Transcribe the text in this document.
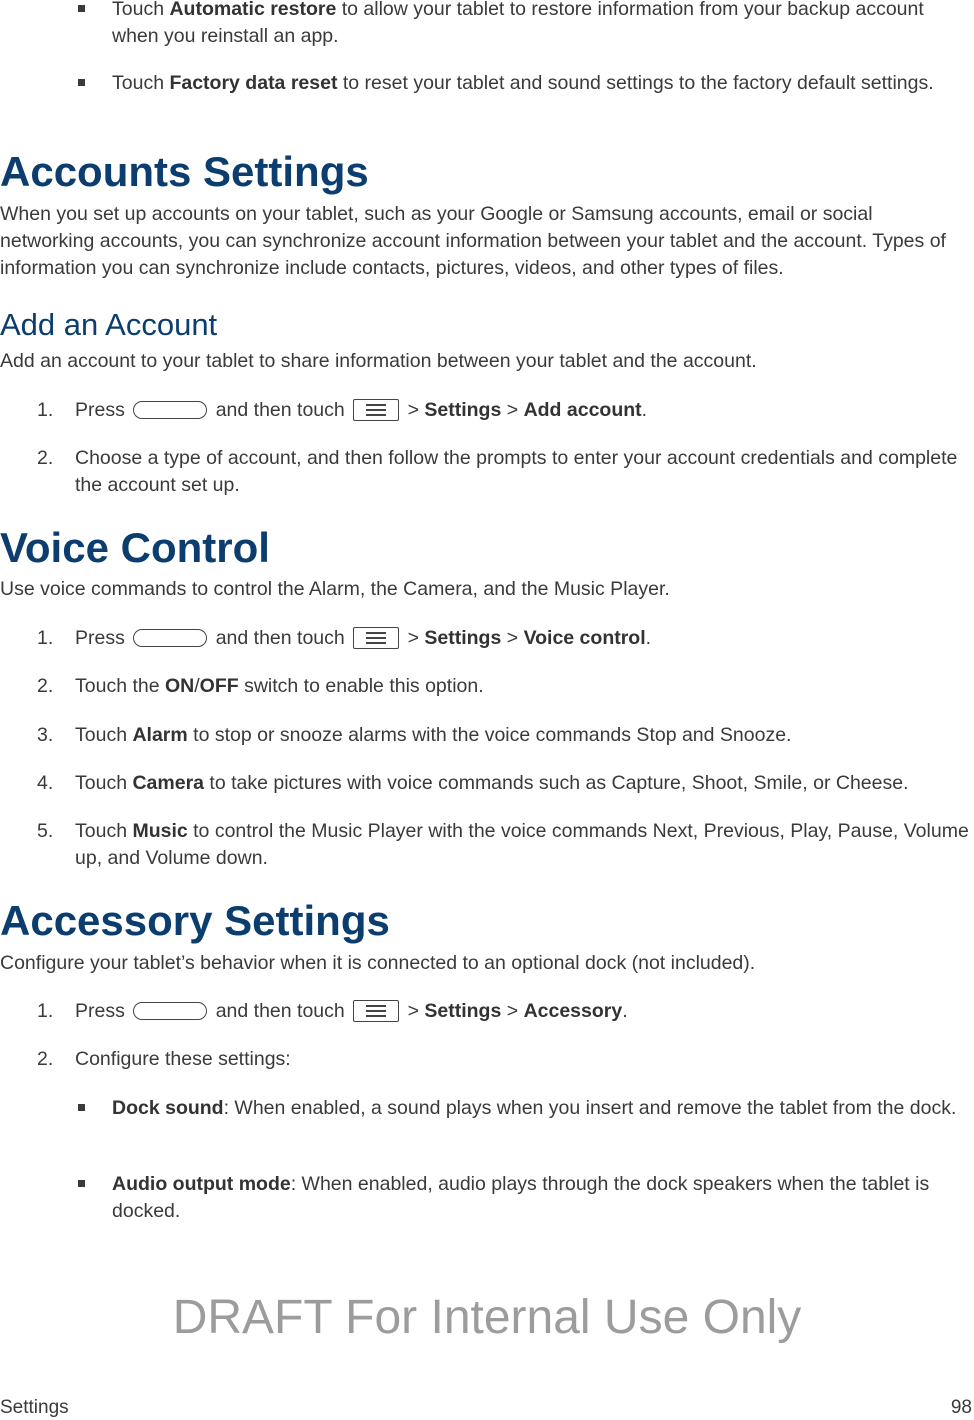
Touch Automatic restore to allow your tablet to restore information from your backup account when you reinstall an app.
Touch Factory data reset to reset your tablet and sound settings to the factory default settings.
Accounts Settings
When you set up accounts on your tablet, such as your Google or Samsung accounts, email or social networking accounts, you can synchronize account information between your tablet and the account. Types of information you can synchronize include contacts, pictures, videos, and other types of files.
Add an Account
Add an account to your tablet to share information between your tablet and the account.
1. Press	and then touch	> Settings > Add account.
2. Choose a type of account, and then follow the prompts to enter your account credentials and complete the account set up.
Voice Control
Use voice commands to control the Alarm, the Camera, and the Music Player.
1. Press	and then touch	> Settings > Voice control.
2. Touch the ON/OFF switch to enable this option.
3. Touch Alarm to stop or snooze alarms with the voice commands Stop and Snooze.
4. Touch Camera to take pictures with voice commands such as Capture, Shoot, Smile, or Cheese.
5. Touch Music to control the Music Player with the voice commands Next, Previous, Play, Pause, Volume up, and Volume down.
Accessory Settings
Configure your tablet’s behavior when it is connected to an optional dock (not included).
1. Press	and then touch	> Settings > Accessory.
2. Configure these settings:
Dock sound: When enabled, a sound plays when you insert and remove the tablet from the dock.
Audio output mode: When enabled, audio plays through the dock speakers when the tablet is docked.
DRAFT For Internal Use Only
Settings	98
